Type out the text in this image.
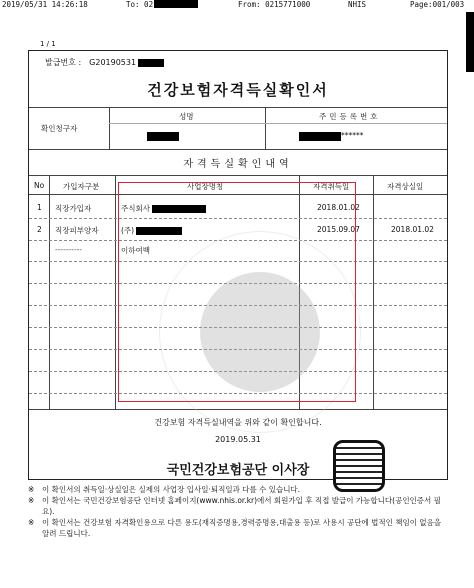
2019/05/31 14:26:18	To: 02	From: 0215771000	NHIS	Page:001/003
1 / 1
발급번호 : G20190531
건강보험자격득실확인서
확인청구자
성명	주민등록번호
******
자격득실확인내역
No	가입자구분	사업장명칭	자격취득일	자격상실일
1 직장가입자	주식회사	2018.01.02
2 직장피부양자	(주)	2015.09.07	2018.01.02
----------	이하여백
건강보험 자격득실내역을 위와 같이 확인합니다.
2019.05.31
국민건강보험공단 이사장
※ 이 확인서의 취득일·상실일은 실제의 사업장 입사일·퇴직일과 다를 수 있습니다.
※ 이 확인서는 국민건강보험공단 인터넷 홈페이지(www.nhis.or.kr)에서 회원가입 후 직접 발급이 가능합니다(공인인증서 필요).
※ 이 확인서는 건강보험 자격확인용으로 다른 용도(재직증명용,경력증명용,대출용 등)로 사용시 공단에 법적인 책임이 없음을 알려 드립니다.
